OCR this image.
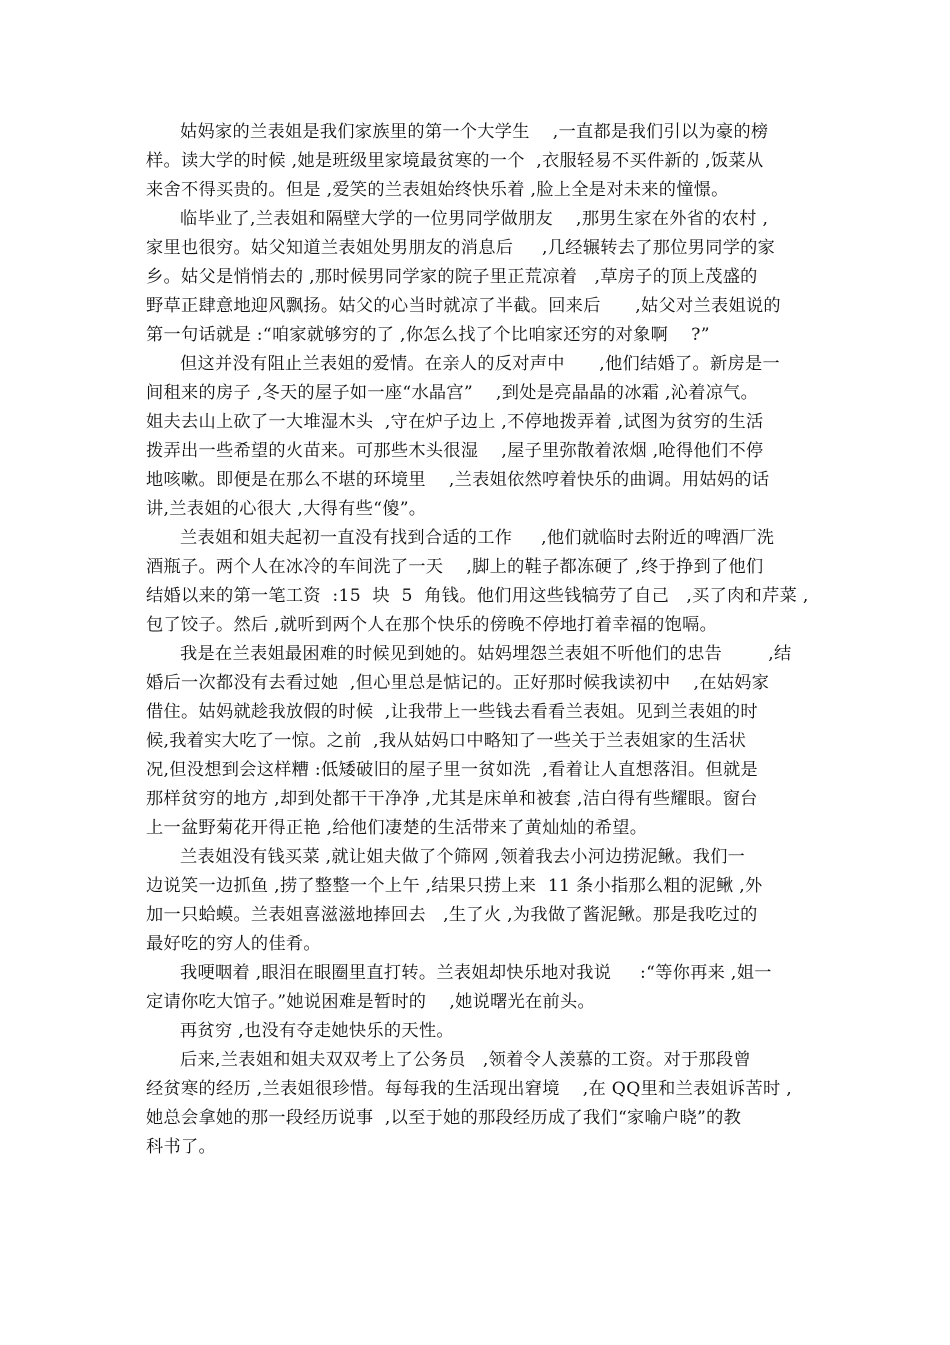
姑妈家的兰表姐是我们家族里的第一个大学生    ,一直都是我们引以为豪的榜
样。读大学的时候 ,她是班级里家境最贫寒的一个  ,衣服轻易不买件新的 ,饭菜从
来舍不得买贵的。但是 ,爱笑的兰表姐始终快乐着 ,脸上全是对未来的憧憬。
临毕业了,兰表姐和隔壁大学的一位男同学做朋友    ,那男生家在外省的农村 ,
家里也很穷。姑父知道兰表姐处男朋友的消息后     ,几经辗转去了那位男同学的家
乡。姑父是悄悄去的 ,那时候男同学家的院子里正荒凉着   ,草房子的顶上茂盛的
野草正肆意地迎风飘扬。姑父的心当时就凉了半截。回来后      ,姑父对兰表姐说的
第一句话就是 :“咱家就够穷的了 ,你怎么找了个比咱家还穷的对象啊    ?”
但这并没有阻止兰表姐的爱情。在亲人的反对声中      ,他们结婚了。新房是一
间租来的房子 ,冬天的屋子如一座“水晶宫”    ,到处是亮晶晶的冰霜 ,沁着凉气。
姐夫去山上砍了一大堆湿木头  ,守在炉子边上 ,不停地拨弄着 ,试图为贫穷的生活
拨弄出一些希望的火苗来。可那些木头很湿    ,屋子里弥散着浓烟 ,呛得他们不停
地咳嗽。即便是在那么不堪的环境里    ,兰表姐依然哼着快乐的曲调。用姑妈的话
讲,兰表姐的心很大 ,大得有些“傻”。
兰表姐和姐夫起初一直没有找到合适的工作     ,他们就临时去附近的啤酒厂洗
酒瓶子。两个人在冰冷的车间洗了一天    ,脚上的鞋子都冻硬了 ,终于挣到了他们
结婚以来的第一笔工资  :15  块  5  角钱。他们用这些钱犒劳了自己   ,买了肉和芹菜 ,
包了饺子。然后 ,就听到两个人在那个快乐的傍晚不停地打着幸福的饱嗝。
我是在兰表姐最困难的时候见到她的。姑妈埋怨兰表姐不听他们的忠告        ,结
婚后一次都没有去看过她  ,但心里总是惦记的。正好那时候我读初中    ,在姑妈家
借住。姑妈就趁我放假的时候  ,让我带上一些钱去看看兰表姐。见到兰表姐的时
候,我着实大吃了一惊。之前  ,我从姑妈口中略知了一些关于兰表姐家的生活状
况,但没想到会这样糟 :低矮破旧的屋子里一贫如洗  ,看着让人直想落泪。但就是
那样贫穷的地方 ,却到处都干干净净 ,尤其是床单和被套 ,洁白得有些耀眼。窗台
上一盆野菊花开得正艳 ,给他们凄楚的生活带来了黄灿灿的希望。
兰表姐没有钱买菜 ,就让姐夫做了个筛网 ,领着我去小河边捞泥鳅。我们一
边说笑一边抓鱼 ,捞了整整一个上午 ,结果只捞上来  11 条小指那么粗的泥鳅 ,外
加一只蛤蟆。兰表姐喜滋滋地捧回去   ,生了火 ,为我做了酱泥鳅。那是我吃过的
最好吃的穷人的佳肴。
我哽咽着 ,眼泪在眼圈里直打转。兰表姐却快乐地对我说     :“等你再来 ,姐一
定请你吃大馆子。”她说困难是暂时的    ,她说曙光在前头。
再贫穷 ,也没有夺走她快乐的天性。
后来,兰表姐和姐夫双双考上了公务员   ,领着令人羡慕的工资。对于那段曾
经贫寒的经历 ,兰表姐很珍惜。每每我的生活现出窘境    ,在 QQ里和兰表姐诉苦时 ,
她总会拿她的那一段经历说事  ,以至于她的那段经历成了我们“家喻户晓”的教
科书了。
